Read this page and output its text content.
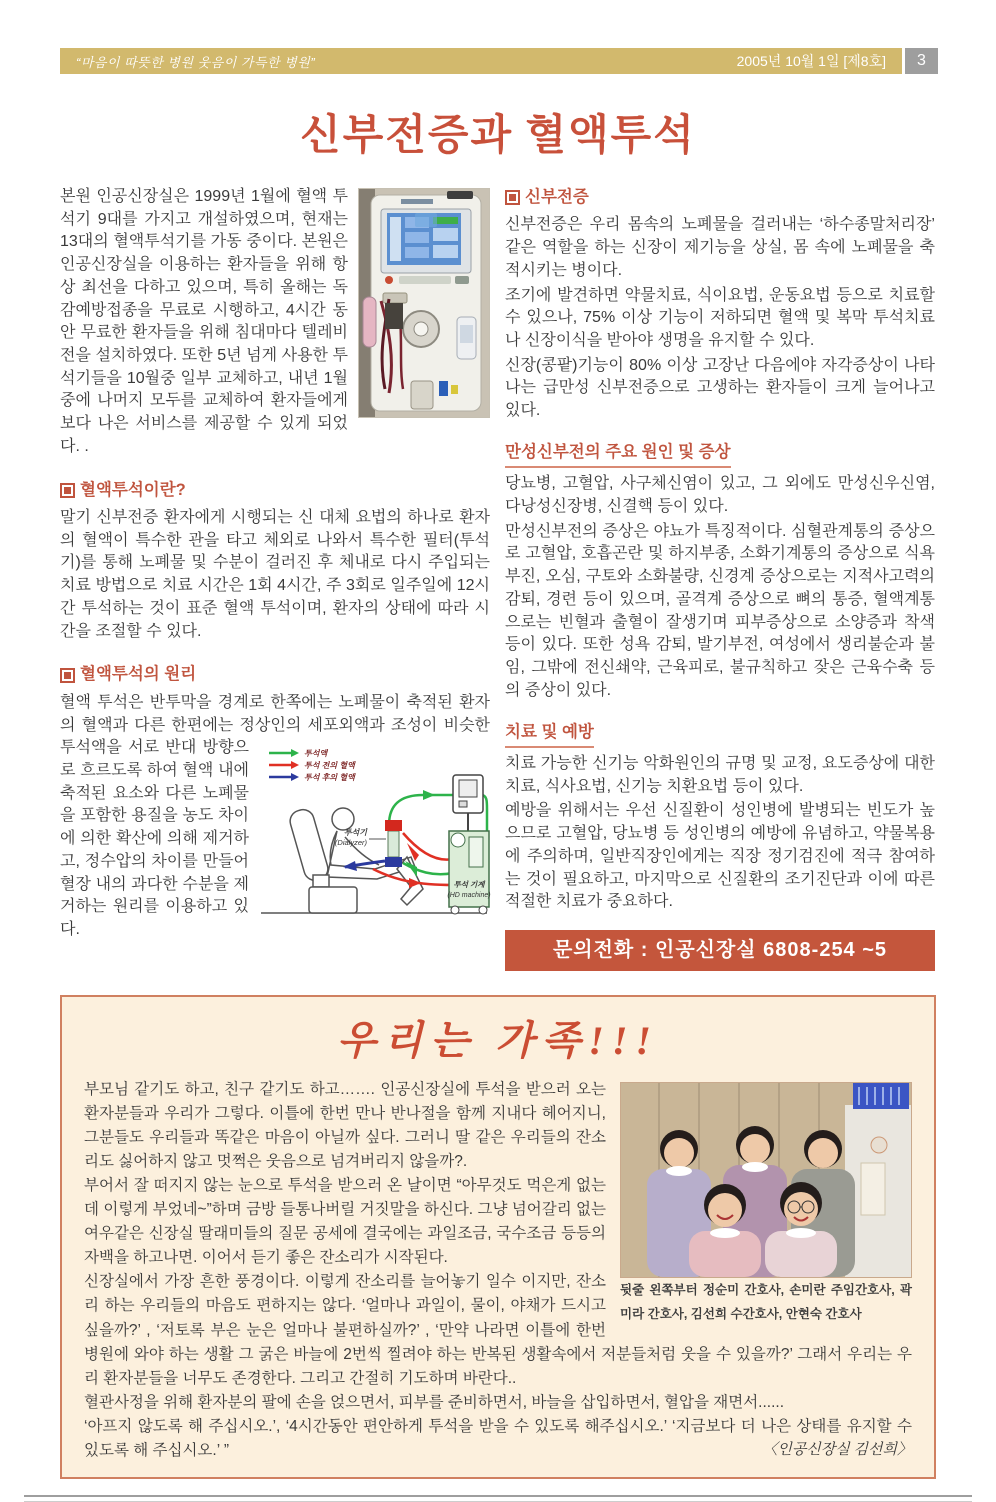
“마음이 따뜻한 병원 웃음이 가득한 병원”	2005년 10월 1일 [제8호]	3
신부전증과 혈액투석

본원 인공신장실은 1999년 1월에 혈액 투석기 9대를 가지고 개설하였으며, 현재는 13대의 혈액투석기를 가동 중이다. 본원은 인공신장실을 이용하는 환자들을 위해 항상 최선을 다하고 있으며, 특히 올해는 독감예방접종을 무료로 시행하고, 4시간 동안 무료한 환자들을 위해 침대마다 텔레비전을 설치하였다. 또한 5년 넘게 사용한 투석기들을 10월중 일부 교체하고, 내년 1월중에 나머지 모두를 교체하여 환자들에게 보다 나은 서비스를 제공할 수 있게 되었다. .

혈액투석이란?

말기 신부전증 환자에게 시행되는 신 대체 요법의 하나로 환자의 혈액이 특수한 관을 타고 체외로 나와서 특수한 필터(투석기)를 통해 노폐물 및 수분이 걸러진 후 체내로 다시 주입되는 치료 방법으로 치료 시간은 1회 4시간, 주 3회로 일주일에 12시간 투석하는 것이 표준 혈액 투석이며, 환자의 상태에 따라 시간을 조절할 수 있다.

혈액투석의 원리

혈액 투석은 반투막을 경계로 한쪽에는 노폐물이 축적된 환자의 혈액과 다른 한편에는 정상인의 세포외액과 조성이 비슷한
투석액
투석 전의 혈액
투석 후의 혈액
투석기
(Dialyzer)
투석 기계
(HD machine)
투석액을 서로 반대 방향으로 흐르도록 하여 혈액 내에 축적된 요소와 다른 노폐물을 포함한 용질을 농도 차이에 의한 확산에 의해 제거하고, 정수압의 차이를 만들어 혈장 내의 과다한 수분을 제거하는 원리를 이용하고 있다.

신부전증

신부전증은 우리 몸속의 노폐물을 걸러내는 ‘하수종말처리장’ 같은 역할을 하는 신장이 제기능을 상실, 몸 속에 노폐물을 축적시키는 병이다.

조기에 발견하면 약물치료, 식이요법, 운동요법 등으로 치료할 수 있으나, 75% 이상 기능이 저하되면 혈액 및 복막 투석치료나 신장이식을 받아야 생명을 유지할 수 있다.

신장(콩팥)기능이 80% 이상 고장난 다음에야 자각증상이 나타나는 급만성 신부전증으로 고생하는 환자들이 크게 늘어나고 있다.

만성신부전의 주요 원인 및 증상

당뇨병, 고혈압, 사구체신염이 있고, 그 외에도 만성신우신염, 다낭성신장병, 신결핵 등이 있다.

만성신부전의 증상은 야뇨가 특징적이다. 심혈관계통의 증상으로 고혈압, 호흡곤란 및 하지부종, 소화기계통의 증상으로 식욕부진, 오심, 구토와 소화불량, 신경계 증상으로는 지적사고력의 감퇴, 경련 등이 있으며, 골격계 증상으로 뼈의 통증, 혈액계통으로는 빈혈과 출혈이 잘생기며 피부증상으로 소양증과 착색 등이 있다. 또한 성욕 감퇴, 발기부전, 여성에서 생리불순과 불임, 그밖에 전신쇄약, 근육피로, 불규칙하고 잦은 근육수축 등의 증상이 있다.

치료 및 예방

치료 가능한 신기능 악화원인의 규명 및 교정, 요도증상에 대한 치료, 식사요법, 신기능 치환요법 등이 있다.

예방을 위해서는 우선 신질환이 성인병에 발병되는 빈도가 높으므로 고혈압, 당뇨병 등 성인병의 예방에 유념하고, 약물복용에 주의하며, 일반직장인에게는 직장 정기검진에 적극 참여하는 것이 필요하고, 마지막으로 신질환의 조기진단과 이에 따른 적절한 치료가 중요하다.

문의전화 : 인공신장실 6808-254 ~5
우리는 가족!!!

뒷줄 왼쪽부터 정순미 간호사, 손미란 주임간호사, 곽미라 간호사, 김선희 수간호사, 안현숙 간호사
부모님 같기도 하고, 친구 같기도 하고……. 인공신장실에 투석을 받으러 오는 환자분들과 우리가 그렇다. 이틀에 한번 만나 반나절을 함께 지내다 헤어지니, 그분들도 우리들과 똑같은 마음이 아닐까 싶다. 그러니 딸 같은 우리들의 잔소리도 싫어하지 않고 멋쩍은 웃음으로 넘겨버리지 않을까?.

부어서 잘 떠지지 않는 눈으로 투석을 받으러 온 날이면 “아무것도 먹은게 없는데 이렇게 부었네~”하며 금방 들통나버릴 거짓말을 하신다. 그냥 넘어갈리 없는 여우같은 신장실 딸래미들의 질문 공세에 결국에는 과일조금, 국수조금 등등의 자백을 하고나면. 이어서 듣기 좋은 잔소리가 시작된다.

신장실에서 가장 흔한 풍경이다. 이렇게 잔소리를 늘어놓기 일수 이지만, 잔소리 하는 우리들의 마음도 편하지는 않다. ‘얼마나 과일이, 물이, 야채가 드시고 싶을까?’ , ‘저토록 부은 눈은 얼마나 불편하실까?’ , ‘만약 나라면 이틀에 한번 병원에 와야 하는 생활 그 굵은 바늘에 2번씩 찔려야 하는 반복된 생활속에서 저분들처럼 웃을 수 있을까?’ 그래서 우리는 우리 환자분들을 너무도 존경한다. 그리고 간절히 기도하며 바란다..

혈관사정을 위해 환자분의 팔에 손을 얹으면서, 피부를 준비하면서, 바늘을 삽입하면서, 혈압을 재면서......

‘아프지 않도록 해 주십시오.’, ‘4시간동안 편안하게 투석을 받을 수 있도록 해주십시오.’ ‘지금보다 더 나은 상태를 유지할 수 있도록 해 주십시오.’ ”	〈인공신장실 김선희〉
